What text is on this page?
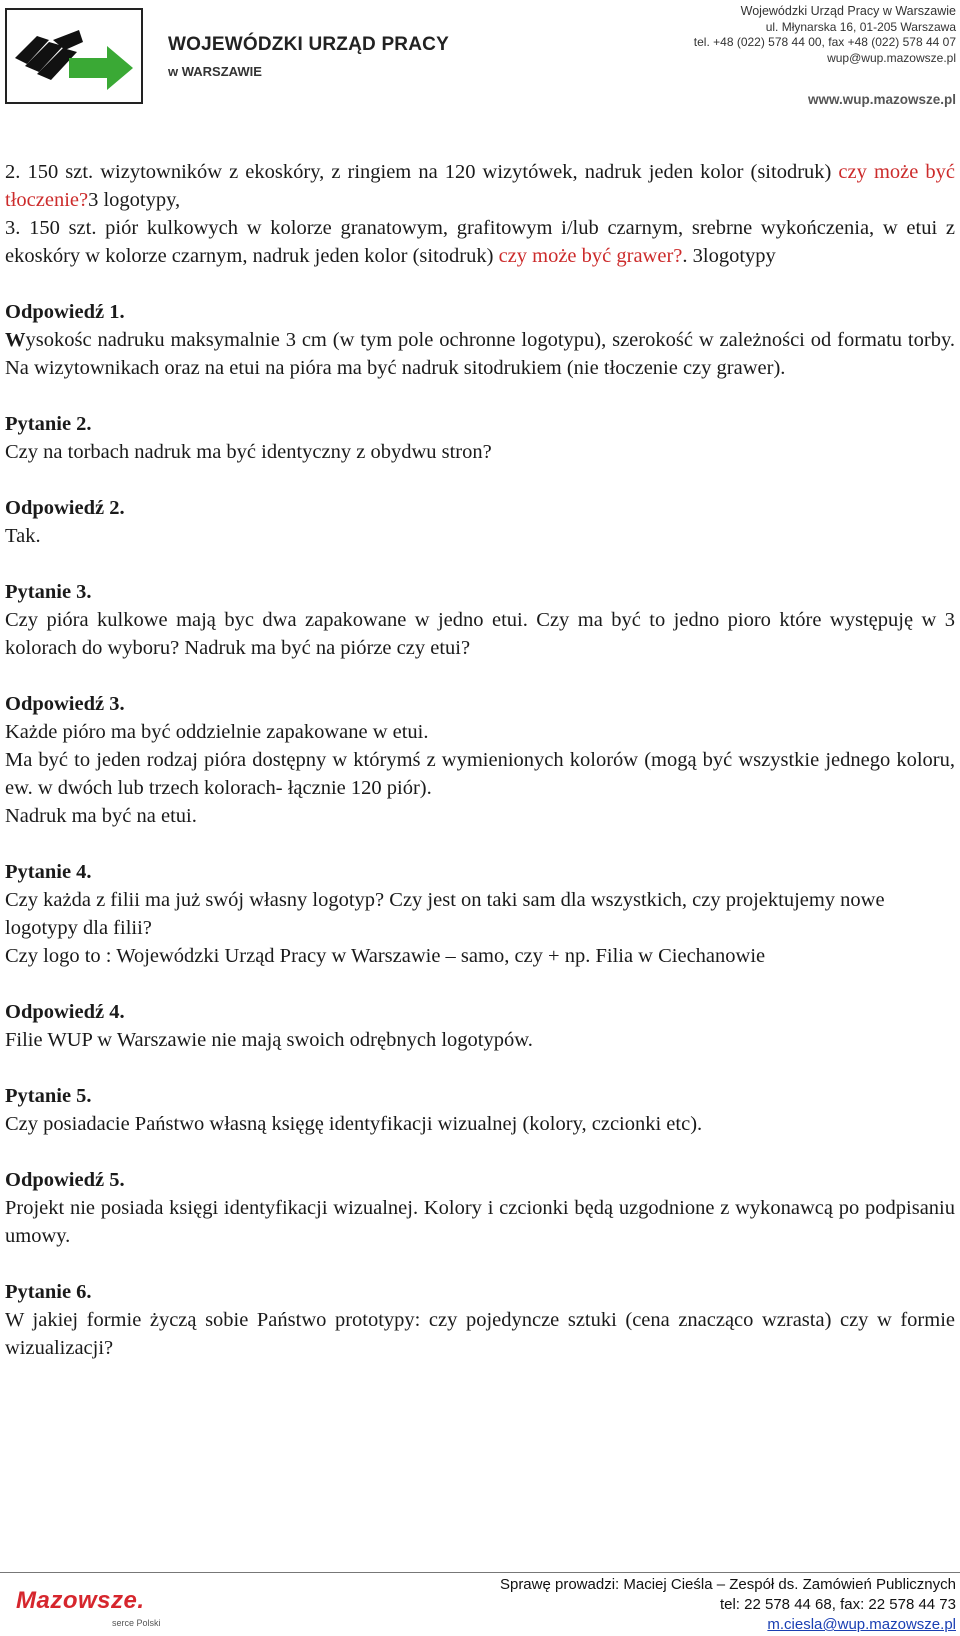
WOJEWÓDZKI URZĄD PRACY
w WARSZAWIE
Wojewódzki Urząd Pracy w Warszawie
ul. Młynarska 16, 01-205 Warszawa
tel. +48 (022) 578 44 00, fax +48 (022) 578 44 07
wup@wup.mazowsze.pl
www.wup.mazowsze.pl

2. 150 szt. wizytowników z ekoskóry, z ringiem na 120 wizytówek, nadruk jeden kolor (sitodruk) czy może być tłoczenie?3 logotypy,

3. 150 szt. piór kulkowych w kolorze granatowym, grafitowym i/lub czarnym, srebrne wykończenia, w etui z ekoskóry w kolorze czarnym, nadruk jeden kolor (sitodruk) czy może być grawer?. 3logotypy

Odpowiedź 1.

Wysokośc nadruku maksymalnie 3 cm (w tym pole ochronne logotypu), szerokość w zależności od formatu torby. Na wizytownikach oraz na etui na pióra ma być nadruk sitodrukiem (nie tłoczenie czy grawer).

Pytanie 2.

Czy na torbach nadruk ma być identyczny z obydwu stron?

Odpowiedź 2.

Tak.

Pytanie 3.

Czy pióra kulkowe mają byc dwa zapakowane w jedno etui. Czy ma być to jedno pioro które występuję w 3 kolorach do wyboru? Nadruk ma być na piórze czy etui?

Odpowiedź 3.

Każde pióro ma być oddzielnie zapakowane w etui.

Ma być to jeden rodzaj pióra dostępny w którymś z wymienionych kolorów (mogą być wszystkie jednego koloru, ew. w dwóch lub trzech kolorach- łącznie 120 piór).

Nadruk ma być na etui.

Pytanie 4.

Czy każda z filii ma już swój własny logotyp? Czy jest on taki sam dla wszystkich, czy projektujemy nowe logotypy dla filii?

Czy logo to : Wojewódzki Urząd Pracy w Warszawie – samo, czy + np. Filia w Ciechanowie

Odpowiedź 4.

Filie WUP w Warszawie nie mają swoich odrębnych logotypów.

Pytanie 5.

Czy posiadacie Państwo własną księgę identyfikacji wizualnej (kolory, czcionki etc).

Odpowiedź 5.

Projekt nie posiada księgi identyfikacji wizualnej. Kolory i czcionki będą uzgodnione z wykonawcą po podpisaniu umowy.

Pytanie 6.

W jakiej formie życzą sobie Państwo prototypy: czy pojedyncze sztuki (cena znacząco wzrasta) czy w formie wizualizacji?

Mazowsze.
serce Polski
Sprawę prowadzi: Maciej Cieśla – Zespół ds. Zamówień Publicznych
tel: 22 578 44 68, fax: 22 578 44 73
m.ciesla@wup.mazowsze.pl
